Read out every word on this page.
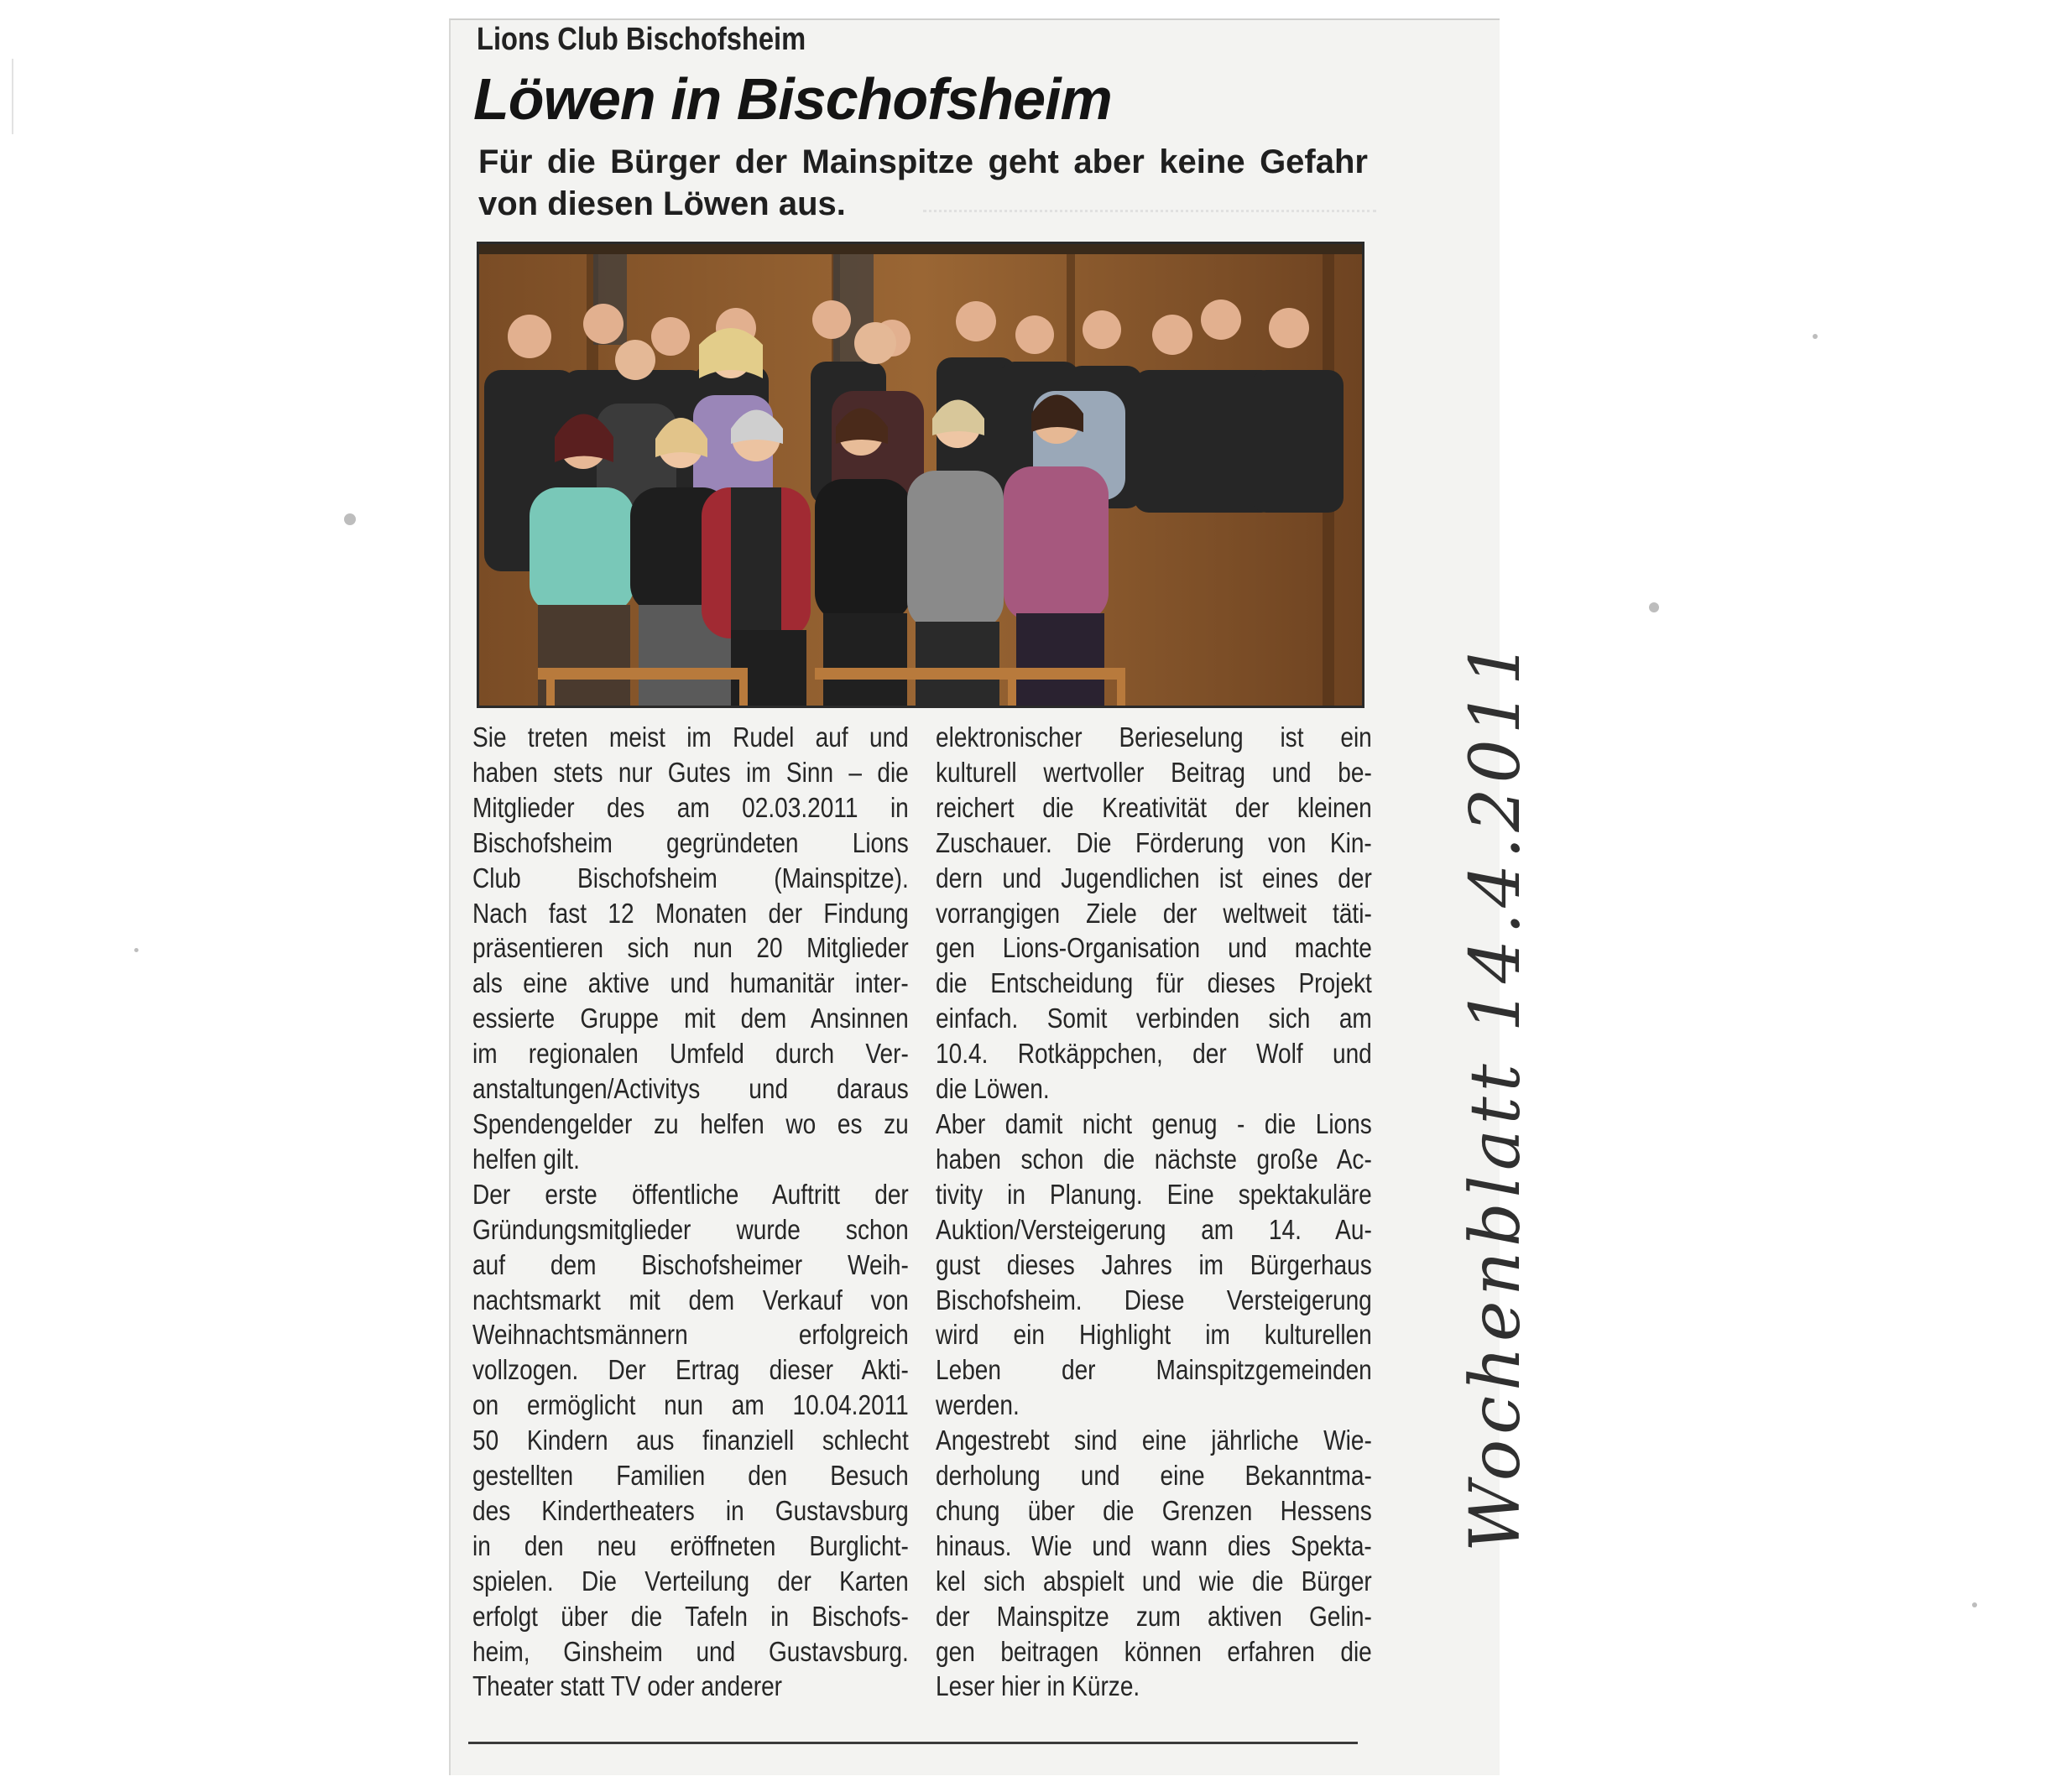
Lions Club Bischofsheim
Löwen in Bischofsheim

Für die Bürger der Mainspitze geht aber keine Gefahr von diesen Löwen aus.

Sie treten meist im Rudel auf und
haben stets nur Gutes im Sinn – die
Mitglieder des am 02.03.2011 in
Bischofsheim gegründeten Lions
Club Bischofsheim (Mainspitze).
Nach fast 12 Monaten der Findung
präsentieren sich nun 20 Mitglieder
als eine aktive und humanitär inter-
essierte Gruppe mit dem Ansinnen
im regionalen Umfeld durch Ver-
anstaltungen/Activitys und daraus
Spendengelder zu helfen wo es zu
helfen gilt.
Der erste öffentliche Auftritt der
Gründungsmitglieder wurde schon
auf dem Bischofsheimer Weih-
nachtsmarkt mit dem Verkauf von
Weihnachtsmännern erfolgreich
vollzogen. Der Ertrag dieser Akti-
on ermöglicht nun am 10.04.2011
50 Kindern aus finanziell schlecht
gestellten Familien den Besuch
des Kindertheaters in Gustavsburg
in den neu eröffneten Burglicht-
spielen. Die Verteilung der Karten
erfolgt über die Tafeln in Bischofs-
heim, Ginsheim und Gustavsburg.
Theater statt TV oder anderer
elektronischer Berieselung ist ein
kulturell wertvoller Beitrag und be-
reichert die Kreativität der kleinen
Zuschauer. Die Förderung von Kin-
dern und Jugendlichen ist eines der
vorrangigen Ziele der weltweit täti-
gen Lions-Organisation und machte
die Entscheidung für dieses Projekt
einfach. Somit verbinden sich am
10.4. Rotkäppchen, der Wolf und
die Löwen.
Aber damit nicht genug - die Lions
haben schon die nächste große Ac-
tivity in Planung. Eine spektakuläre
Auktion/Versteigerung am 14. Au-
gust dieses Jahres im Bürgerhaus
Bischofsheim. Diese Versteigerung
wird ein Highlight im kulturellen
Leben der Mainspitzgemeinden
werden.
Angestrebt sind eine jährliche Wie-
derholung und eine Bekanntma-
chung über die Grenzen Hessens
hinaus. Wie und wann dies Spekta-
kel sich abspielt und wie die Bürger
der Mainspitze zum aktiven Gelin-
gen beitragen können erfahren die
Leser hier in Kürze.
Wochenblatt 14.4.2011
